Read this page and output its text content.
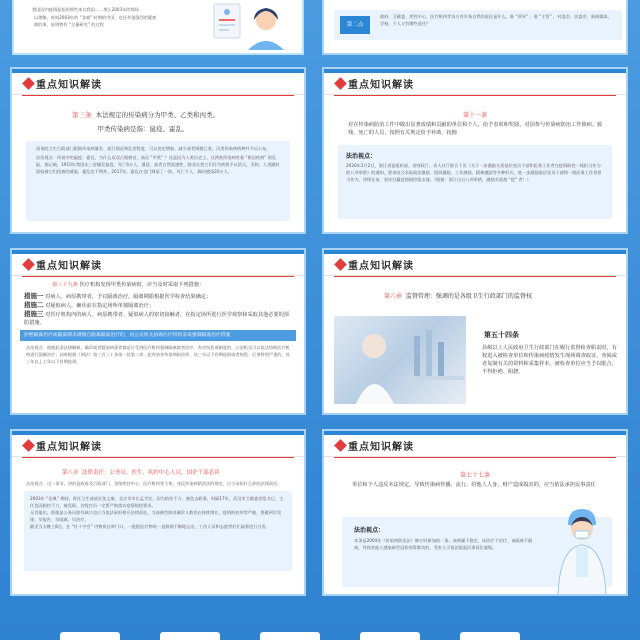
我国国内疫情起始的那些来自我国……那么2003年的那场
以理解，时间2003年的 “非典” 时期的中国，也还有很强烈的疑惑
典的事，说明曾有 “全量研究” 的过程	第二点
政府、卫健委、疾控中心、医疗机构等各方有军务自然的责任是什么，谁 “领导” ，谁 “主管” ，村委会、居委会、新闻媒体、学校、个人又有哪些责任？
重点知识解读
第三条 本法规定的传染病分为甲类、乙类和丙类。
甲类传染病是指：鼠疫、霍乱。
国务院卫生行政部门根据传染病暴发、流行情况和危害程度，可以决定增加、减少或者调整乙类、丙类传染病病种并予以公布。
法治视点：传说中的鼠疫、霍乱，为什么双双占据榜首，高居 “甲类” ？这是因为人类历史上，这两类传染病有着 “极因疾病” 的危险，据记载，1910年我国东三省爆发鼠疫，死亡6万人，蔓延、高者自然流感性，除非在把它们作为疾病予以消灭，否则，人类随时面临被它们侵袭的威胁，霍乱也不例外，2017年，霍乱在也门肆虐了一阵，死亡千人，确切感染20万人。
重点知识解读
第十一条
对在传染病防治工作中做出显著成绩和贡献的单位和个人，给予表彰和奖励，对因参与传染病防治工作致病、致残、死亡的人员，按照有关规定给予补助、抚恤
法治视点：
2020年2月2日，浙江省委组织部、省财政厅、省人社厅联合下发《关于一步激励关爱基层党员干部和医务工作者在疫情防控一线担当作为的八项举措》的通知，要求结合采取政治激励、组织激励、工作激励、精神激励等多种形式，进一步激励基层党员干部和一线医务工作者担当作为、冲锋在前、坚决打赢疫情防控阻击战。（链接：浙江出台八项举措，激励关爱战 “疫” 者！）
重点知识解读
第三十九条 医疗机构发现甲类传染病时，应当及时采取下列措施：
措施一 对病人、病原携带者，予以隔离治疗，隔离期限根据医学检查结果确定；
措施二 对疑似病人，确诊前在指定场所单独隔离治疗；
措施三 对医疗机构内的病人、病原携带者、疑似病人的密切接触者，在指定场所进行医学观察和采取其他必要的预防措施。
拒绝隔离治疗或隔离期未满擅自脱离隔离治疗的，由公安机关协助医疗机构采取强制隔离治疗措施
法治视点：根据此条法律解释，确诊或者疑似病患者都是应受到医疗机构强制隔离离者治疗，有对抗拒或制度的，公安机关可以依法协助医疗机构进行强制治疗；同时根据《刑法》第三百三十条第一款第二项、犯有妨害传染病防治罪，处三年以下有期徒刑或者拘役；后果特别严重的，处三年以上七年以下有期徒刑。
重点知识解读
第六章 监督管理：强调的是各级卫生行政部门的监督权
第五十四条
县级以上人民政府卫生行政部门在履行监督检查职责时，有权进入被检查单位和传染病疫情发生现场调查取证，查阅或者复制有关的资料和采集样本。被检查单位应当予以配合，不得拒绝、阻挠。
重点知识解读
第八章 法律责任：公务员、医生、疾控中心人员、国企干部必读
法治视点：这一章节，讲的是政府及行政部门、各级疾控中心、医疗机构等主体，违反传染病防治法的规定，应当承担什么样的法律责任。
2003年 “非典” 期间，时任卫生部部长张文康、北京市市长孟学农，因为防控不力，被免去职务。时隔17年，武汉市卫健委党组书记、主任也因防控不力，被免职。各级官员一定要严格落实疫情防控要求。
无其他出，即使是公务员如有缺口也应当依法承担相应法律责任，当前新型肺炎确诊人数仍在持续增长，疫情防控形势严峻，要做到早发现、早报告、早隔离、早治疗。
截至当天晚上8点，在 “红十字会” 内物资仓库门口，一批批医疗物资一直源源不断地运出，工作人员和志愿者们忙碌着进行分发。
重点知识解读
第七十七条
单位和个人违反本法规定，导致传染病传播、流行，给他人人身、财产造成损害的，应当依法承担民事责任
法治视点：
本条是2004年《传染病防治法》修订时新加的一条。该病属不稳定，该治疗不治疗，该隔离不隔离，导致其他人感染新型冠状病毒肺炎的，受害人可依法提起民事诉讼索赔。
